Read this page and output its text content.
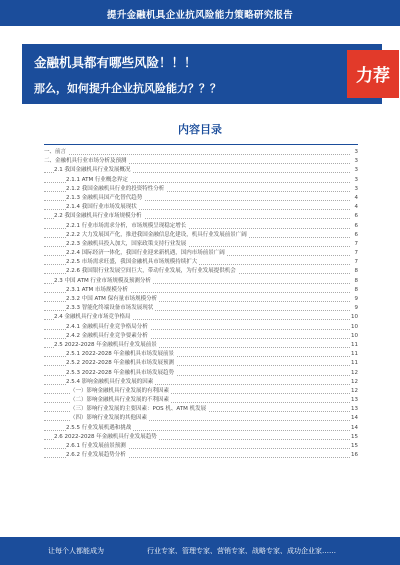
提升金融机具企业抗风险能力策略研究报告
金融机具都有哪些风险！！！
那么，如何提升企业抗风险能力？？？
力荐
内容目录
一、前言	3
二、金融机具行业市场分析及预测	3
2.1 我国金融机具行业发展概况	3
2.1.1 ATM 行业概念界定	3
2.1.2 我国金融机具行业的投资特性分析	3
2.1.3 金融机具国产化替代趋势	4
2.1.4 我国行业市场发展现状	4
2.2 我国金融机具行业市场规模分析	6
2.2.1 行业市场需求分析，市场规模呈现稳定增长	6
2.2.2 大力发展国产化，推进我国金融信息化建设，机具行业发展前景广阔	6
2.2.3 金融机具投入加大，国家政策支持行业发展	7
2.2.4 国际经济一体化，我国行业迎来新机遇，国内市场前景广阔	7
2.2.5 市场需求旺盛，我国金融机具市场规模持续扩大	7
2.2.6 我国银行业发展空间巨大，带动行业发展，为行业发展提供机会	8
2.3 中国 ATM 行业市场规模及预测分析	8
2.3.1 ATM 市场规模分析	8
2.3.2 中国 ATM 保有量市场规模分析	9
2.3.3 智能化终端设备市场发展现状	9
2.4 金融机具行业市场竞争格局	10
2.4.1 金融机具行业竞争格局分析	10
2.4.2 金融机具行业竞争要素分析	10
2.5 2022-2028 年金融机具行业发展前景	11
2.5.1 2022-2028 年金融机具市场发展前景	11
2.5.2 2022-2028 年金融机具市场发展预测	11
2.5.3 2022-2028 年金融机具市场发展趋势	12
2.5.4 影响金融机具行业发展的因素	12
（一）影响金融机具行业发展的有利因素	12
（二）影响金融机具行业发展的不利因素	13
（三）影响行业发展的主要因素：POS 机、ATM 机发展	13
（四）影响行业发展的其他因素	14
2.5.5 行业发展机遇和挑战	14
2.6 2022-2028 年金融机具行业发展趋势	15
2.6.1 行业发展前景预测	15
2.6.2 行业发展趋势分析	16
让每个人都能成为	行业专家、管理专家、营销专家、战略专家、成功企业家……
